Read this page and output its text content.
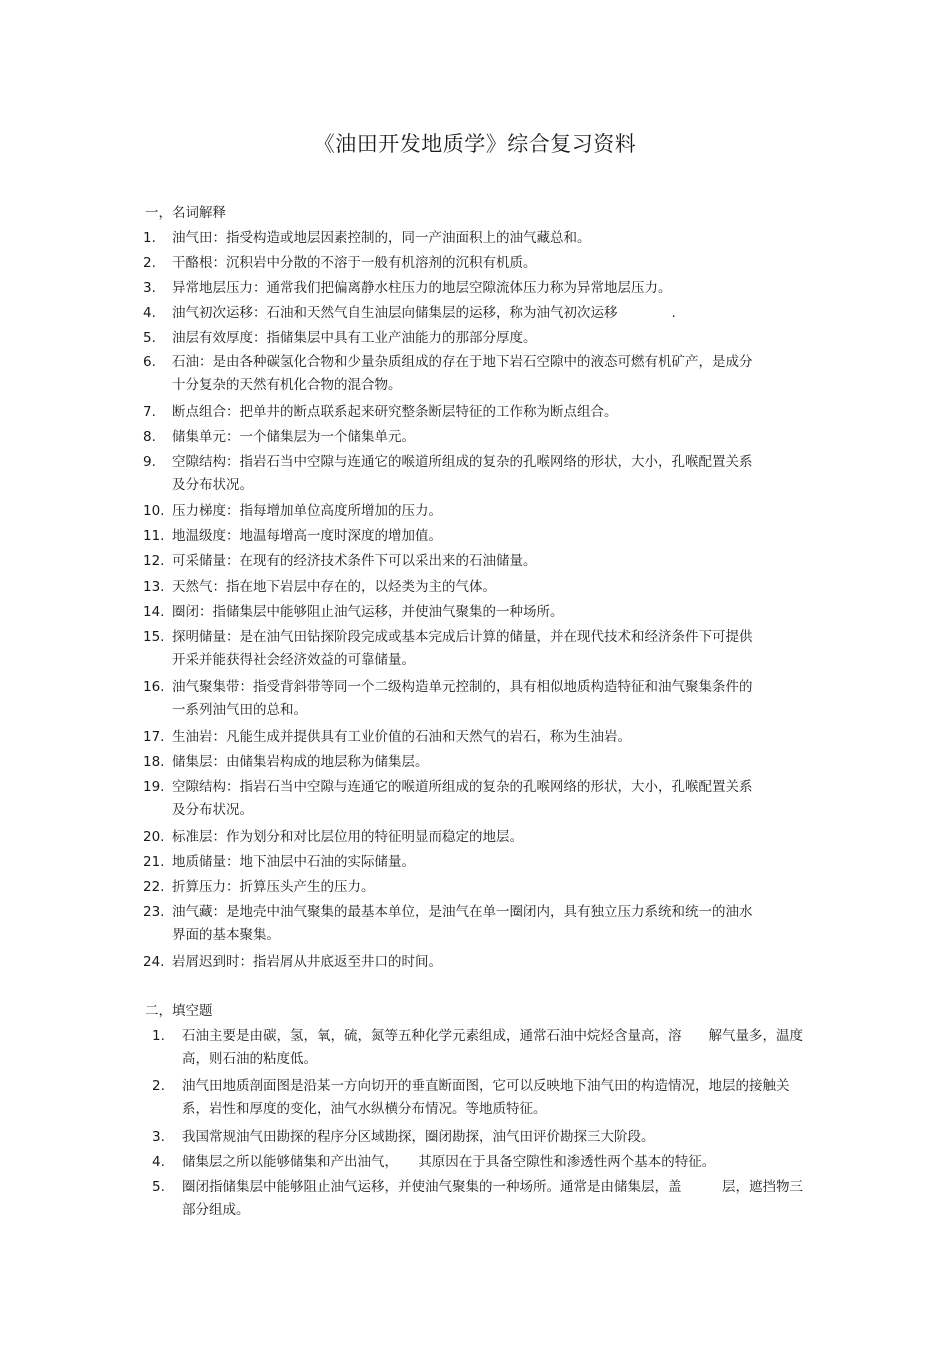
《油田开发地质学》综合复习资料
一，名词解释
1.	油气田：指受构造或地层因素控制的，同一产油面积上的油气藏总和。
2.	干酪根：沉积岩中分散的不溶于一般有机溶剂的沉积有机质。
3.	异常地层压力：通常我们把偏离静水柱压力的地层空隙流体压力称为异常地层压力。
4.	油气初次运移：石油和天然气自生油层向储集层的运移，称为油气初次运移　　　　.
5.	油层有效厚度：指储集层中具有工业产油能力的那部分厚度。
6.	石油：是由各种碳氢化合物和少量杂质组成的存在于地下岩石空隙中的液态可燃有机矿产，是成分十分复杂的天然有机化合物的混合物。
7.	断点组合：把单井的断点联系起来研究整条断层特征的工作称为断点组合。
8.	储集单元：一个储集层为一个储集单元。
9.	空隙结构：指岩石当中空隙与连通它的喉道所组成的复杂的孔喉网络的形状，大小，孔喉配置关系及分布状况。
10. 压力梯度：指每增加单位高度所增加的压力。
11. 地温级度：地温每增高一度时深度的增加值。
12. 可采储量：在现有的经济技术条件下可以采出来的石油储量。
13. 天然气：指在地下岩层中存在的，以烃类为主的气体。
14. 圈闭：指储集层中能够阻止油气运移，并使油气聚集的一种场所。
15. 探明储量：是在油气田钻探阶段完成或基本完成后计算的储量，并在现代技术和经济条件下可提供开采并能获得社会经济效益的可靠储量。
16. 油气聚集带：指受背斜带等同一个二级构造单元控制的，具有相似地质构造特征和油气聚集条件的一系列油气田的总和。
17. 生油岩：凡能生成并提供具有工业价值的石油和天然气的岩石，称为生油岩。
18. 储集层：由储集岩构成的地层称为储集层。
19. 空隙结构：指岩石当中空隙与连通它的喉道所组成的复杂的孔喉网络的形状，大小，孔喉配置关系及分布状况。
20. 标准层：作为划分和对比层位用的特征明显而稳定的地层。
21. 地质储量：地下油层中石油的实际储量。
22. 折算压力：折算压头产生的压力。
23. 油气藏：是地壳中油气聚集的最基本单位，是油气在单一圈闭内，具有独立压力系统和统一的油水界面的基本聚集。
24. 岩屑迟到时：指岩屑从井底返至井口的时间。
二，填空题
1. 石油主要是由碳，氢，氧，硫，氮等五种化学元素组成，通常石油中烷烃含量高，溶　　解气量多，温度高，则石油的粘度低。
2. 油气田地质剖面图是沿某一方向切开的垂直断面图，它可以反映地下油气田的构造情况，地层的接触关系，岩性和厚度的变化，油气水纵横分布情况。等地质特征。
3. 我国常规油气田勘探的程序分区域勘探，圈闭勘探，油气田评价勘探三大阶段。
4. 储集层之所以能够储集和产出油气，　　其原因在于具备空隙性和渗透性两个基本的特征。
5. 圈闭指储集层中能够阻止油气运移，并使油气聚集的一种场所。通常是由储集层，盖　　　层，遮挡物三部分组成。
